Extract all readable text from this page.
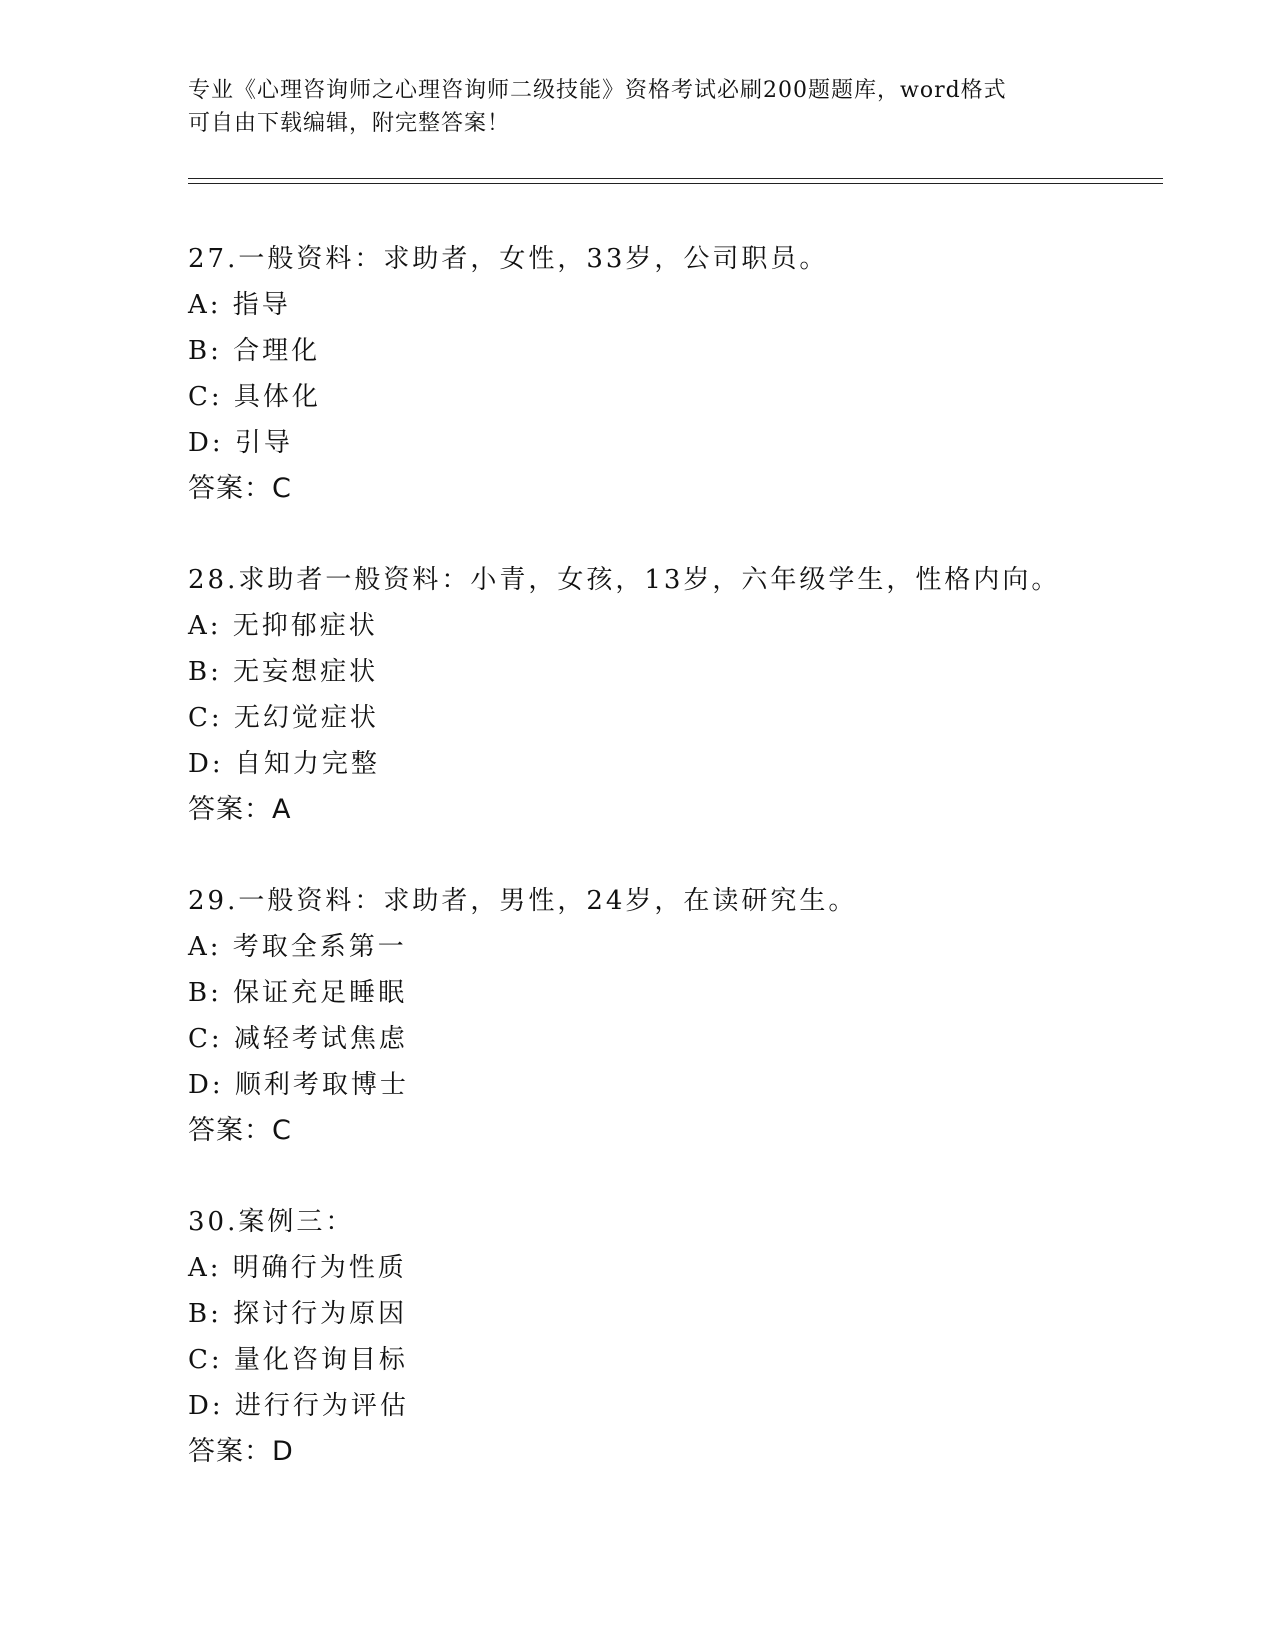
专业《心理咨询师之心理咨询师二级技能》资格考试必刷200题题库，word格式
可自由下载编辑，附完整答案！
27.一般资料：求助者，女性，33岁，公司职员。
A: 指导
B: 合理化
C: 具体化
D: 引导
答案：C
28.求助者一般资料：小青，女孩，13岁，六年级学生，性格内向。
A: 无抑郁症状
B: 无妄想症状
C: 无幻觉症状
D: 自知力完整
答案：A
29.一般资料：求助者，男性，24岁，在读研究生。
A: 考取全系第一
B: 保证充足睡眠
C: 减轻考试焦虑
D: 顺利考取博士
答案：C
30.案例三：
A: 明确行为性质
B: 探讨行为原因
C: 量化咨询目标
D: 进行行为评估
答案：D
